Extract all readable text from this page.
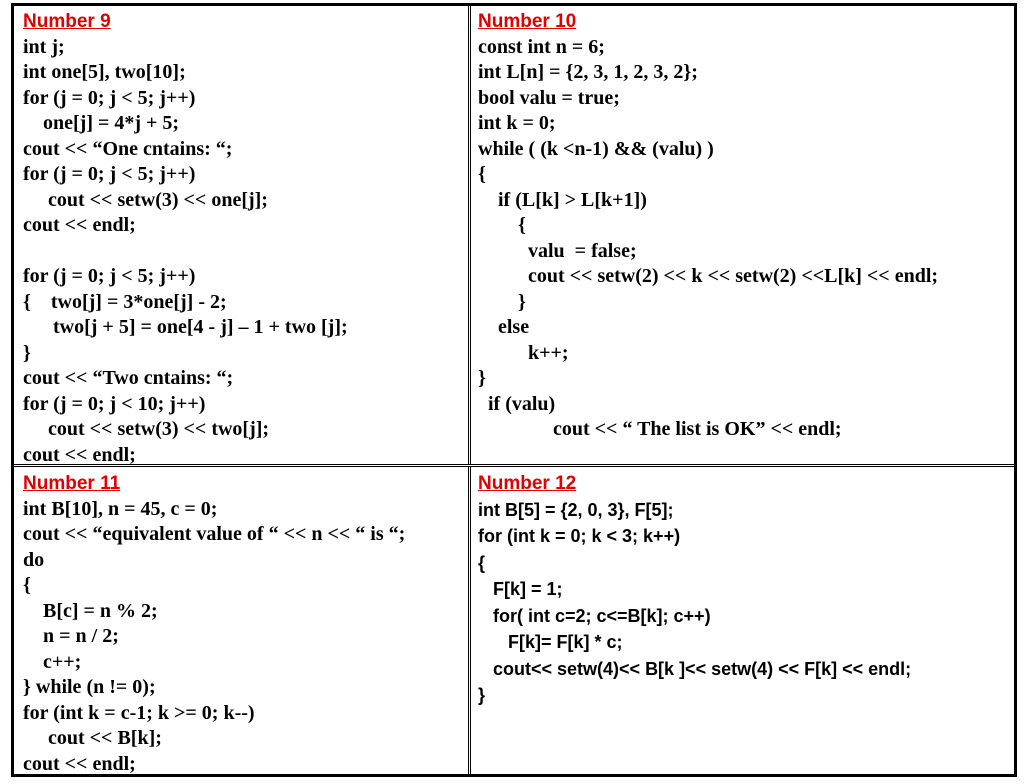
Number 9
int j;
int one[5], two[10];
for (j = 0; j < 5; j++)
one[j] = 4*j + 5;
cout << “One cntains: “;
for (j = 0; j < 5; j++)
cout << setw(3) << one[j];
cout << endl;
for (j = 0; j < 5; j++)
{    two[j] = 3*one[j] - 2;
two[j + 5] = one[4 - j] – 1 + two [j];
}
cout << “Two cntains: “;
for (j = 0; j < 10; j++)
cout << setw(3) << two[j];
cout << endl;
Number 10
const int n = 6;
int L[n] = {2, 3, 1, 2, 3, 2};
bool valu = true;
int k = 0;
while ( (k <n-1) && (valu) )
{
if (L[k] > L[k+1])
{
valu  = false;
cout << setw(2) << k << setw(2) <<L[k] << endl;
}
else
k++;
}
if (valu)
cout << “ The list is OK” << endl;
Number 11
int B[10], n = 45, c = 0;
cout << “equivalent value of “ << n << “ is “;
do
{
B[c] = n % 2;
n = n / 2;
c++;
} while (n != 0);
for (int k = c-1; k >= 0; k--)
cout << B[k];
cout << endl;
Number 12
int B[5] = {2, 0, 3}, F[5];
for (int k = 0; k < 3; k++)
{
F[k] = 1;
for( int c=2; c<=B[k]; c++)
F[k]= F[k] * c;
cout<< setw(4)<< B[k ]<< setw(4) << F[k] << endl;
}
